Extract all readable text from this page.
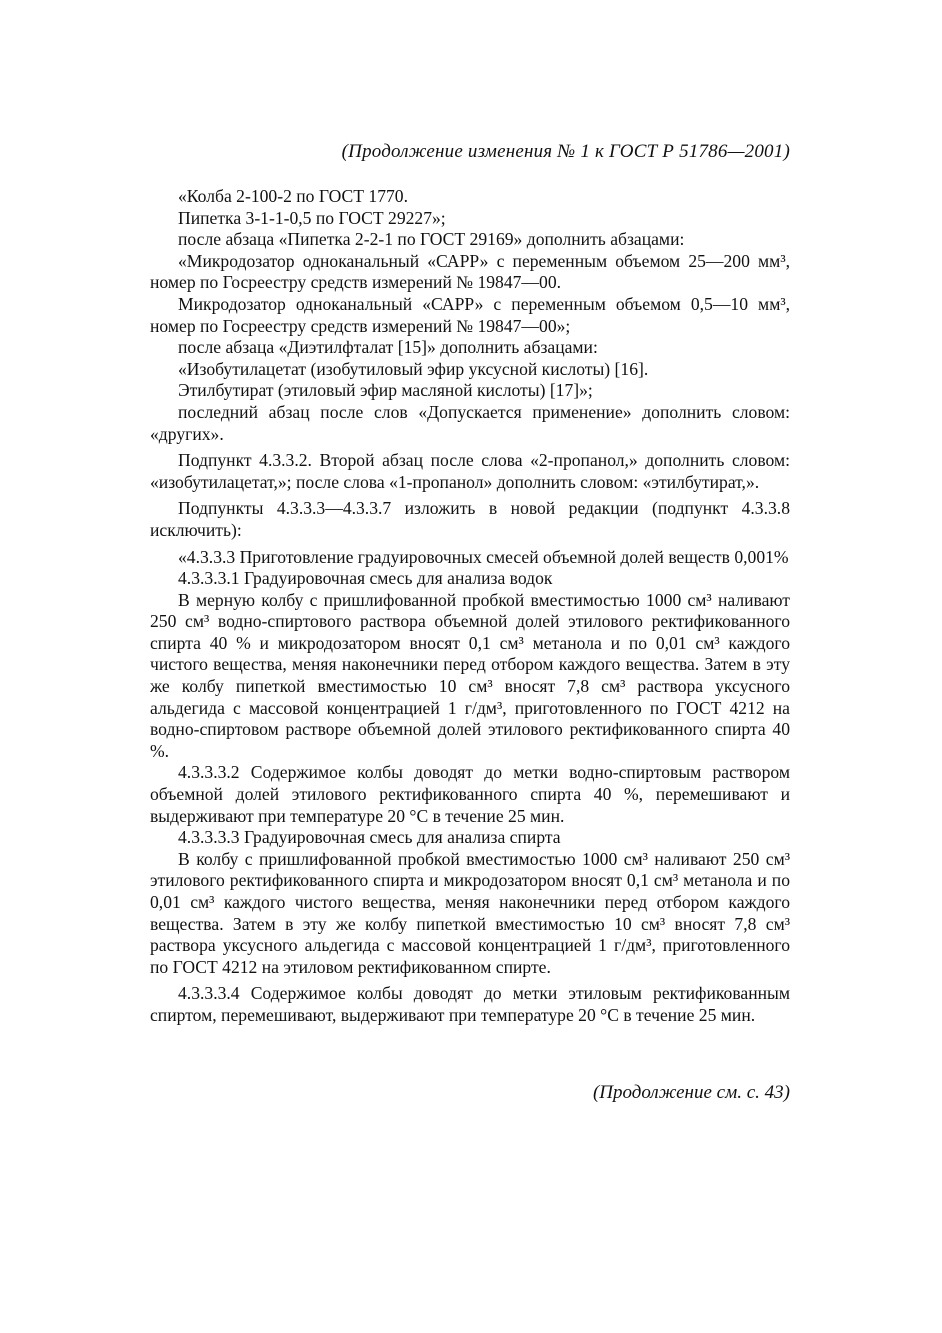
(Продолжение изменения № 1 к ГОСТ Р 51786—2001)

«Колба 2-100-2 по ГОСТ 1770.

Пипетка 3-1-1-0,5 по ГОСТ 29227»;

после абзаца «Пипетка 2-2-1 по ГОСТ 29169» дополнить абзацами:

«Микродозатор одноканальный «САРР» с переменным объемом 25—200 мм³, номер по Госреестру средств измерений № 19847—00.

Микродозатор одноканальный «САРР» с переменным объемом 0,5—10 мм³, номер по Госреестру средств измерений № 19847—00»;

после абзаца «Диэтилфталат [15]» дополнить абзацами:

«Изобутилацетат (изобутиловый эфир уксусной кислоты) [16].

Этилбутират (этиловый эфир масляной кислоты) [17]»;

последний абзац после слов «Допускается применение» дополнить словом: «других».

Подпункт 4.3.3.2. Второй абзац после слова «2-пропанол,» дополнить словом: «изобутилацетат,»; после слова «1-пропанол» дополнить словом: «этилбутират,».

Подпункты 4.3.3.3—4.3.3.7 изложить в новой редакции (подпункт 4.3.3.8 исключить):

«4.3.3.3 Приготовление градуировочных смесей объемной долей веществ 0,001%

4.3.3.3.1 Градуировочная смесь для анализа водок

В мерную колбу с пришлифованной пробкой вместимостью 1000 см³ наливают 250 см³ водно-спиртового раствора объемной долей этилового ректификованного спирта 40 % и микродозатором вносят 0,1 см³ метанола и по 0,01 см³ каждого чистого вещества, меняя наконечники перед отбором каждого вещества. Затем в эту же колбу пипеткой вместимостью 10 см³ вносят 7,8 см³ раствора уксусного альдегида с массовой концентрацией 1 г/дм³, приготовленного по ГОСТ 4212 на водно-спиртовом растворе объемной долей этилового ректификованного спирта 40 %.

4.3.3.3.2 Содержимое колбы доводят до метки водно-спиртовым раствором объемной долей этилового ректификованного спирта 40 %, перемешивают и выдерживают при температуре 20 °С в течение 25 мин.

4.3.3.3.3 Градуировочная смесь для анализа спирта

В колбу с пришлифованной пробкой вместимостью 1000 см³ наливают 250 см³ этилового ректификованного спирта и микродозатором вносят 0,1 см³ метанола и по 0,01 см³ каждого чистого вещества, меняя наконечники перед отбором каждого вещества. Затем в эту же колбу пипеткой вместимостью 10 см³ вносят 7,8 см³ раствора уксусного альдегида с массовой концентрацией 1 г/дм³, приготовленного по ГОСТ 4212 на этиловом ректификованном спирте.

4.3.3.3.4 Содержимое колбы доводят до метки этиловым ректификованным спиртом, перемешивают, выдерживают при температуре 20 °С в течение 25 мин.

(Продолжение см. с. 43)
